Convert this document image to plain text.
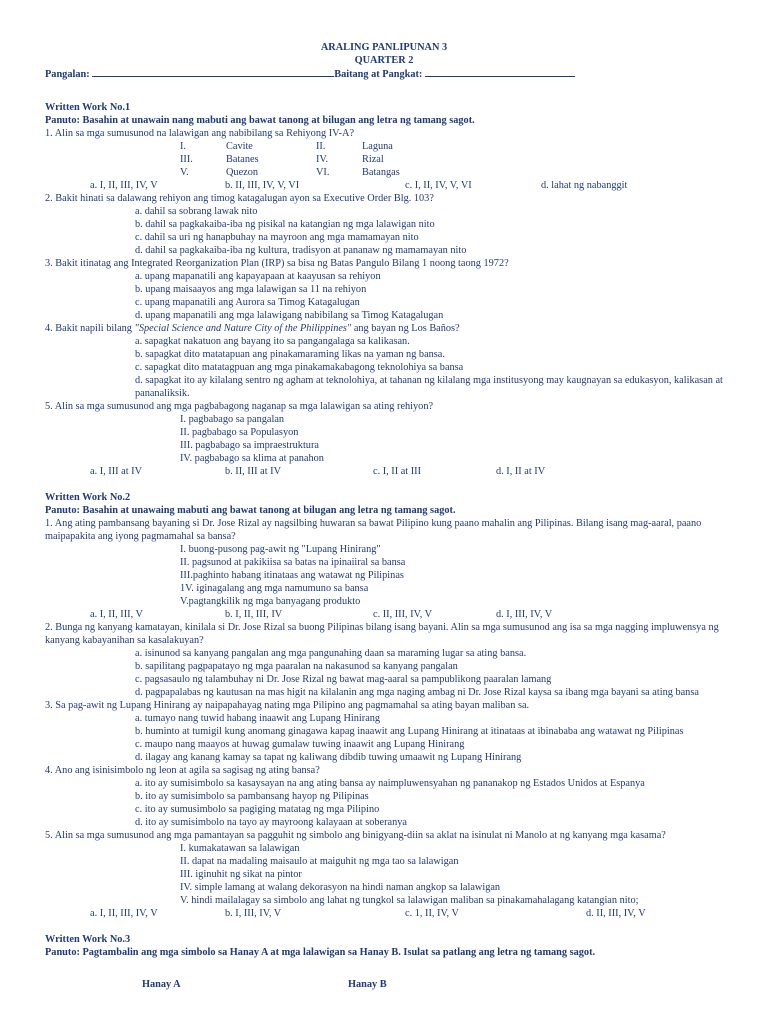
ARALING PANLIPUNAN 3
QUARTER 2
Pangalan:	Baitang at Pangkat:
Written Work No.1
Panuto: Basahin at unawain nang mabuti ang bawat tanong at bilugan ang letra ng tamang sagot.
1. Alin sa mga sumusunod na lalawigan ang nabibilang sa Rehiyong IV-A?
I.	Cavite	II.	Laguna
III.	Batanes	IV.	Rizal
V.	Quezon	VI.	Batangas
a. I, II, III, IV, V	b. II, III, IV, V, VI	c. I, II, IV, V, VI	d. lahat ng nabanggit
2. Bakit hinati sa dalawang rehiyon ang timog katagalugan ayon sa Executive Order Blg. 103?
a. dahil sa sobrang lawak nito
b. dahil sa pagkakaiba-iba ng pisikal na katangian ng mga lalawigan nito
c. dahil sa uri ng hanapbuhay na mayroon ang mga mamamayan nito
d. dahil sa pagkakaiba-iba ng kultura, tradisyon at pananaw ng mamamayan nito
3. Bakit itinatag ang Integrated Reorganization Plan (IRP) sa bisa ng Batas Pangulo Bilang 1 noong taong 1972?
a. upang mapanatili ang kapayapaan at kaayusan sa rehiyon
b. upang maisaayos ang mga lalawigan sa 11 na rehiyon
c. upang mapanatili ang Aurora sa Timog Katagalugan
d. upang mapanatili ang mga lalawigang nabibilang sa Timog Katagalugan
4. Bakit napili bilang "Special Science and Nature City of the Philippines" ang bayan ng Los Baños?
a. sapagkat nakatuon ang bayang ito sa pangangalaga sa kalikasan.
b. sapagkat dito matatapuan ang pinakamaraming likas na yaman ng bansa.
c. sapagkat dito matatagpuan ang mga pinakamakabagong teknolohiya sa bansa
d. sapagkat ito ay kilalang sentro ng agham at teknolohiya, at tahanan ng kilalang mga institusyong may kaugnayan sa edukasyon, kalikasan at pananaliksik.
5. Alin sa mga sumusunod ang mga pagbabagong naganap sa mga lalawigan sa ating rehiyon?
I. pagbabago sa pangalan
II. pagbabago sa Populasyon
III. pagbabago sa impraestruktura
IV. pagbabago sa klima at panahon
a. I, III at IV	b. II, III at IV	c. I, II at III	d. I, II at IV
Written Work No.2
Panuto: Basahin at unawaing mabuti ang bawat tanong at bilugan ang letra ng tamang sagot.
1. Ang ating pambansang bayaning si Dr. Jose Rizal ay nagsilbing huwaran sa bawat Pilipino kung paano mahalin ang Pilipinas. Bilang isang mag-aaral, paano maipapakita ang iyong pagmamahal sa bansa?
I. buong-pusong pag-awit ng "Lupang Hinirang"
II. pagsunod at pakikiisa sa batas na ipinaiiral sa bansa
III.paghinto habang itinataas ang watawat ng Pilipinas
1V. iginagalang ang mga namumuno sa bansa
V.pagtangkilik ng mga banyagang produkto
a. I, II, III, V	b. I, II, III, IV	c. II, III, IV, V	d. I, III, IV, V
2. Bunga ng kanyang kamatayan, kinilala si Dr. Jose Rizal sa buong Pilipinas bilang isang bayani. Alin sa mga sumusunod ang isa sa mga nagging impluwensya ng kanyang kabayanihan sa kasalakuyan?
a. isinunod sa kanyang pangalan ang mga pangunahing daan sa maraming lugar sa ating bansa.
b. sapilitang pagpapatayo ng mga paaralan na nakasunod sa kanyang pangalan
c. pagsasaulo ng talambuhay ni Dr. Jose Rizal ng bawat mag-aaral sa pampublikong paaralan lamang
d. pagpapalabas ng kautusan na mas higit na kilalanin ang mga naging ambag ni Dr. Jose Rizal kaysa sa ibang mga bayani sa ating bansa
3. Sa pag-awit ng Lupang Hinirang ay naipapahayag nating mga Pilipino ang pagmamahal sa ating bayan maliban sa.
a. tumayo nang tuwid habang inaawit ang Lupang Hinirang
b. huminto at tumigil kung anomang ginagawa kapag inaawit ang Lupang Hinirang at itinataas at ibinababa ang watawat ng Pilipinas
c. maupo nang maayos at huwag gumalaw tuwing inaawit ang Lupang Hinirang
d. ilagay ang kanang kamay sa tapat ng kaliwang dibdib tuwing umaawit ng Lupang Hinirang
4. Ano ang isinisimbolo ng leon at agila sa sagisag ng ating bansa?
a. ito ay sumisimbolo sa kasaysayan na ang ating bansa ay naimpluwensyahan ng pananakop ng Estados Unidos at Espanya
b. ito ay sumisimbolo sa pambansang hayop ng Pilipinas
c. ito ay sumusimbolo sa pagiging matatag ng mga Pilipino
d. ito ay sumisimbolo na tayo ay mayroong kalayaan at soberanya
5. Alin sa mga sumusunod ang mga pamantayan sa pagguhit ng simbolo ang binigyang-diin sa aklat na isinulat ni Manolo at ng kanyang mga kasama?
I. kumakatawan sa lalawigan
II. dapat na madaling maisaulo at maiguhit ng mga tao sa lalawigan
III. iginuhit ng sikat na pintor
IV. simple lamang at walang dekorasyon na hindi naman angkop sa lalawigan
V. hindi mailalagay sa simbolo ang lahat ng tungkol sa lalawigan maliban sa pinakamahalagang katangian nito;
a. I, II, III, IV, V	b. I, III, IV, V	c. 1, II, IV, V	d. II, III, IV, V
Written Work No.3
Panuto: Pagtambalin ang mga simbolo sa Hanay A at mga lalawigan sa Hanay B. Isulat sa patlang ang letra ng tamang sagot.
Hanay A	Hanay B
